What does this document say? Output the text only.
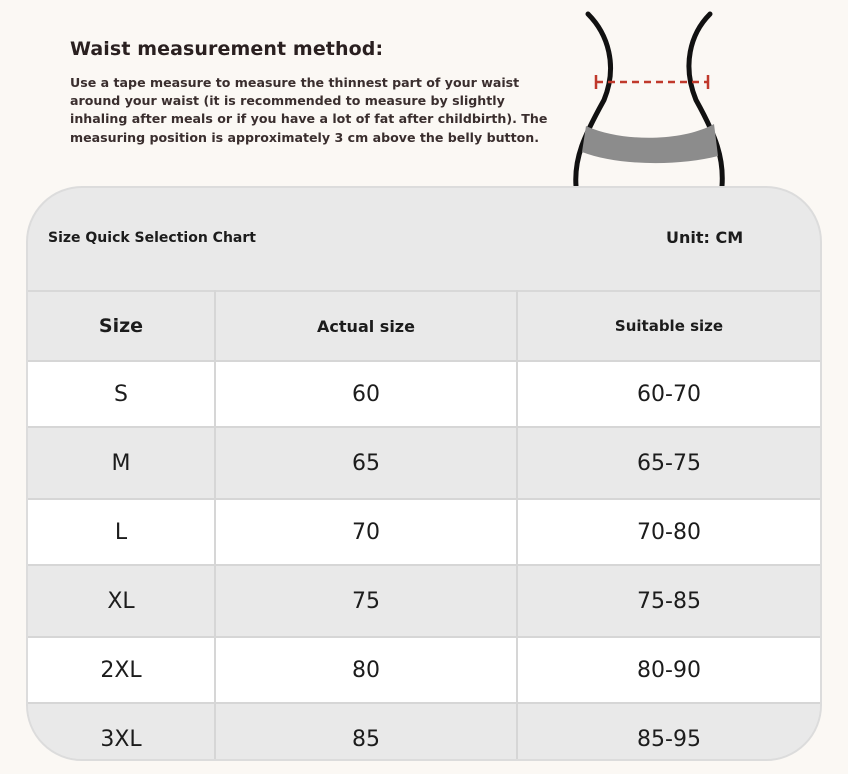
Waist measurement method:

Use a tape measure to measure the thinnest part of your waist around your waist (it is recommended to measure by slightly inhaling after meals or if you have a lot of fat after childbirth). The measuring position is approximately 3 cm above the belly button.

Size Quick Selection Chart	Unit: CM
Size	Actual size	Suitable size
S	60	60-70
M	65	65-75
L	70	70-80
XL	75	75-85
2XL	80	80-90
3XL	85	85-95
